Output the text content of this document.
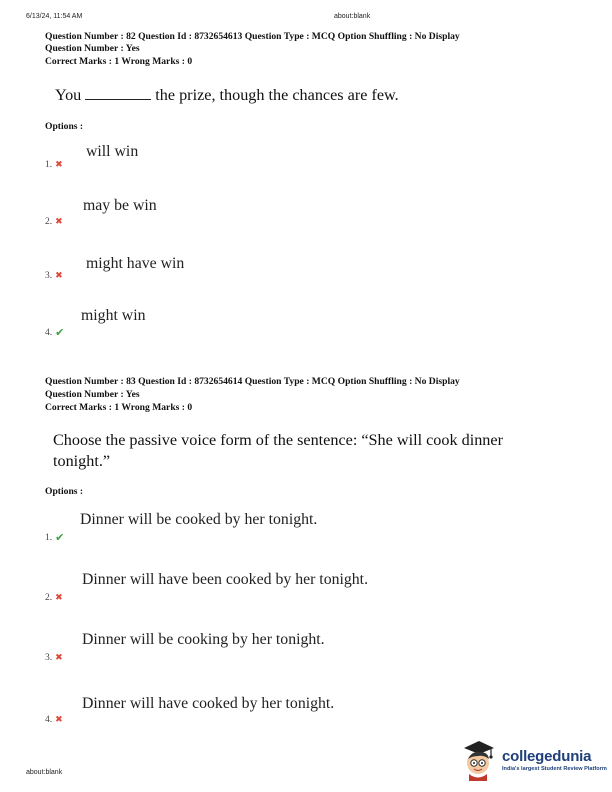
6/13/24, 11:54 AM	about:blank
Question Number : 82 Question Id : 8732654613 Question Type : MCQ Option Shuffling : No Display
Question Number : Yes
Correct Marks : 1 Wrong Marks : 0
You	the prize, though the chances are few.
Options :
will win
1. ✖
may be win
2. ✖
might have win
3. ✖
might win
4. ✔
Question Number : 83 Question Id : 8732654614 Question Type : MCQ Option Shuffling : No Display
Question Number : Yes
Correct Marks : 1 Wrong Marks : 0
Choose the passive voice form of the sentence: “She will cook dinner
tonight.”
Options :
Dinner will be cooked by her tonight.
1. ✔
Dinner will have been cooked by her tonight.
2. ✖
Dinner will be cooking by her tonight.
3. ✖
Dinner will have cooked by her tonight.
4. ✖
about:blank
collegedunia
India's largest Student Review Platform
